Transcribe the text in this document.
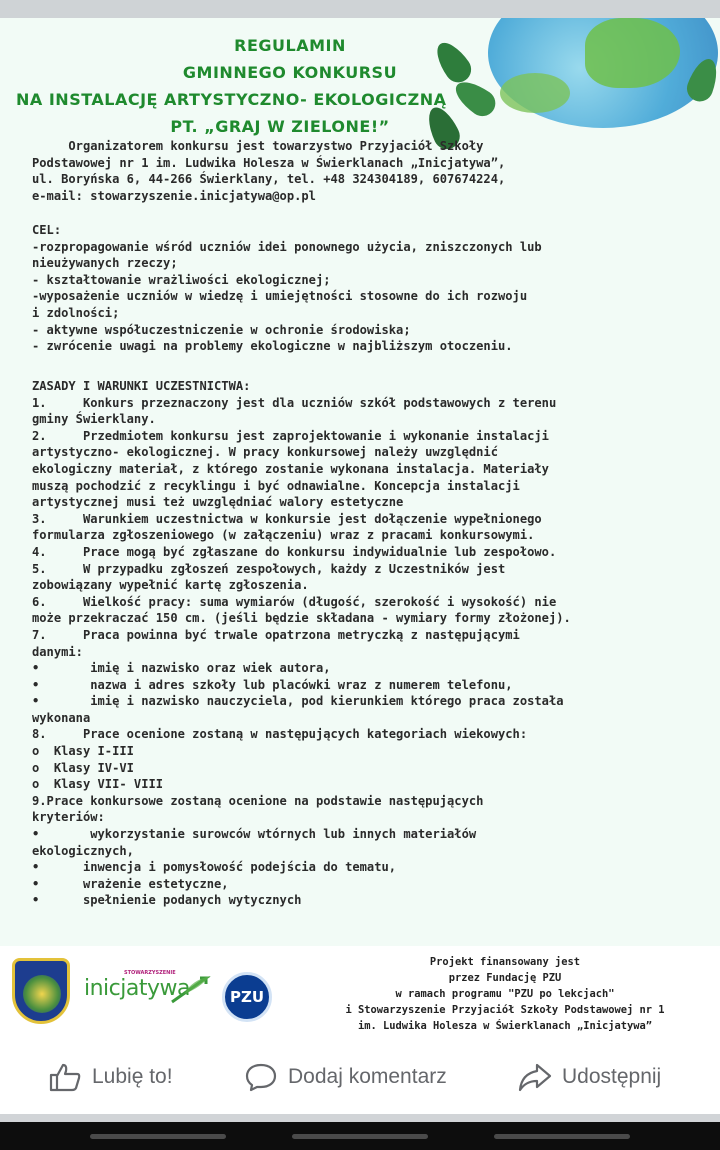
REGULAMIN
GMINNEGO KONKURSU
NA INSTALACJĘ ARTYSTYCZNO- EKOLOGICZNĄ
PT. „GRAJ W ZIELONE!”
Organizatorem konkursu jest towarzystwo Przyjaciół Szkoły
Podstawowej nr 1 im. Ludwika Holesza w Świerklanach „Inicjatywa”,
ul. Boryńska 6, 44-266 Świerklany, tel. +48 324304189, 607674224,
e-mail: stowarzyszenie.inicjatywa@op.pl
CEL:
-rozpropagowanie wśród uczniów idei ponownego użycia, zniszczonych lub
nieużywanych rzeczy;
- kształtowanie wrażliwości ekologicznej;
-wyposażenie uczniów w wiedzę i umiejętności stosowne do ich rozwoju
i zdolności;
- aktywne współuczestniczenie w ochronie środowiska;
- zwrócenie uwagi na problemy ekologiczne w najbliższym otoczeniu.
ZASADY I WARUNKI UCZESTNICTWA:
1.     Konkurs przeznaczony jest dla uczniów szkół podstawowych z terenu
gminy Świerklany.
2.     Przedmiotem konkursu jest zaprojektowanie i wykonanie instalacji
artystyczno- ekologicznej. W pracy konkursowej należy uwzględnić
ekologiczny materiał, z którego zostanie wykonana instalacja. Materiały
muszą pochodzić z recyklingu i być odnawialne. Koncepcja instalacji
artystycznej musi też uwzględniać walory estetyczne
3.     Warunkiem uczestnictwa w konkursie jest dołączenie wypełnionego
formularza zgłoszeniowego (w załączeniu) wraz z pracami konkursowymi.
4.     Prace mogą być zgłaszane do konkursu indywidualnie lub zespołowo.
5.     W przypadku zgłoszeń zespołowych, każdy z Uczestników jest
zobowiązany wypełnić kartę zgłoszenia.
6.     Wielkość pracy: suma wymiarów (długość, szerokość i wysokość) nie
może przekraczać 150 cm. (jeśli będzie składana - wymiary formy złożonej).
7.     Praca powinna być trwale opatrzona metryczką z następującymi
danymi:
•       imię i nazwisko oraz wiek autora,
•       nazwa i adres szkoły lub placówki wraz z numerem telefonu,
•       imię i nazwisko nauczyciela, pod kierunkiem którego praca została
wykonana
8.     Prace ocenione zostaną w następujących kategoriach wiekowych:
o  Klasy I-III
o  Klasy IV-VI
o  Klasy VII- VIII
9.Prace konkursowe zostaną ocenione na podstawie następujących
kryteriów:
•       wykorzystanie surowców wtórnych lub innych materiałów
ekologicznych,
•      inwencja i pomysłowość podejścia do tematu,
•      wrażenie estetyczne,
•      spełnienie podanych wytycznych
STOWARZYSZENIE
inicjatywa	PZU
Projekt finansowany jest
przez Fundację PZU
w ramach programu "PZU po lekcjach"
i Stowarzyszenie Przyjaciół Szkoły Podstawowej nr 1
im. Ludwika Holesza w Świerklanach „Inicjatywa”
Lubię to!	Dodaj komentarz	Udostępnij
